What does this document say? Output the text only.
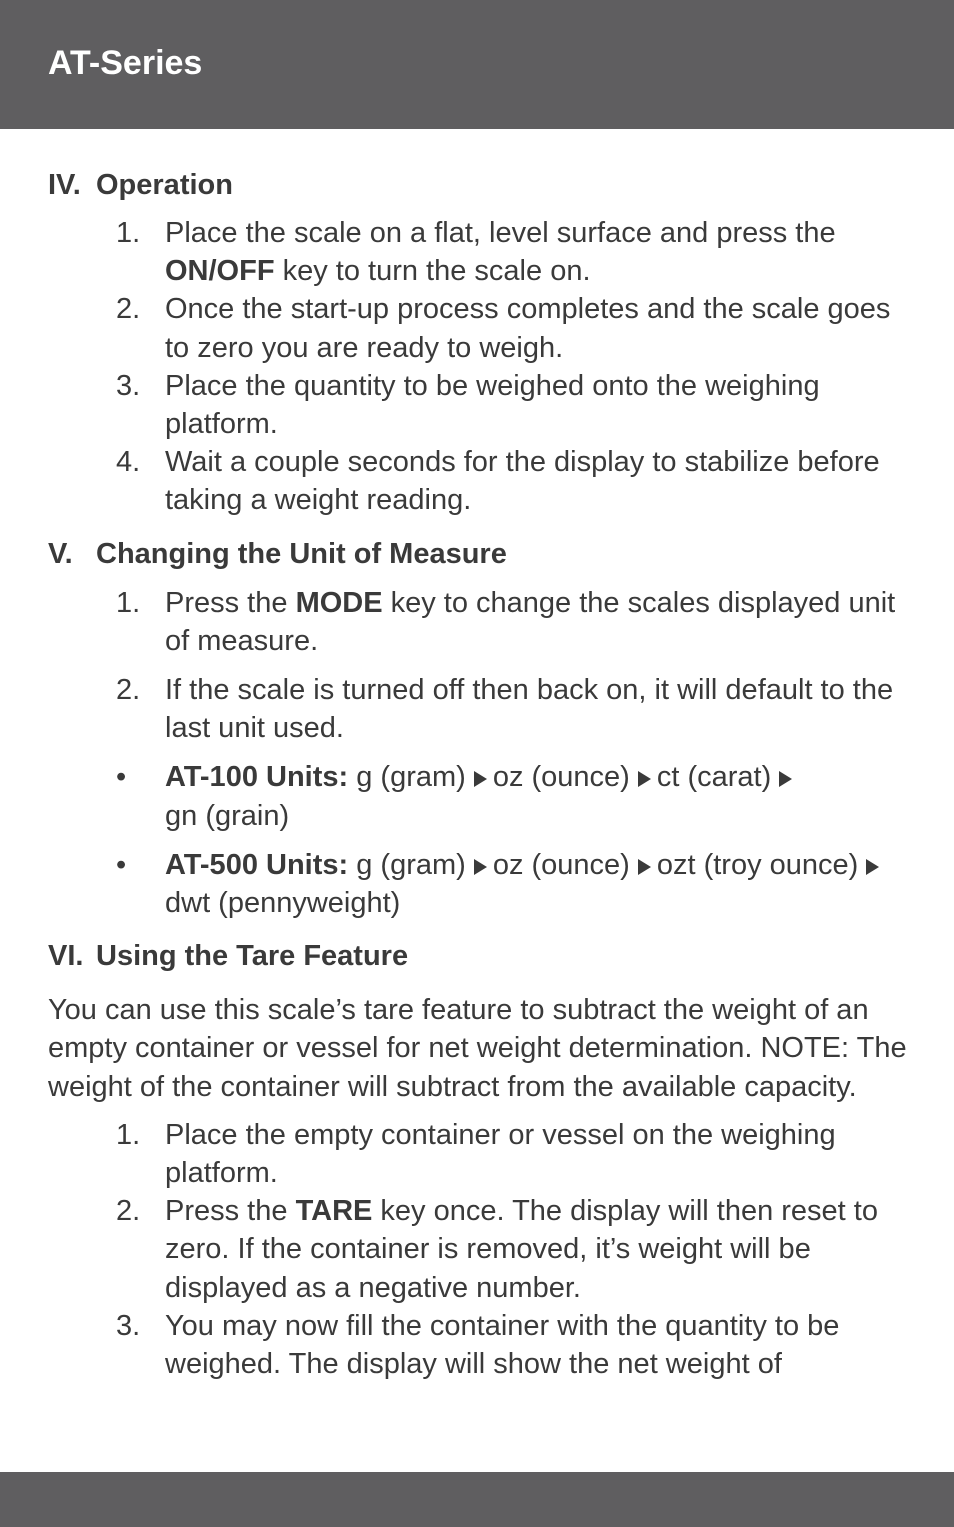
AT-Series
IV. Operation
1. Place the scale on a flat, level surface and press the ON/OFF key to turn the scale on.
2. Once the start-up process completes and the scale goes to zero you are ready to weigh.
3. Place the quantity to be weighed onto the weighing platform.
4. Wait a couple seconds for the display to stabilize before taking a weight reading.
V. Changing the Unit of Measure
1. Press the MODE key to change the scales displayed unit of measure.
2. If the scale is turned off then back on, it will default to the last unit used.
•	AT-100 Units: g (gram) oz (ounce) ct (carat)
gn (grain)
•	AT-500 Units: g (gram) oz (ounce) ozt (troy ounce)dwt (pennyweight)
VI. Using the Tare Feature

You can use this scale’s tare feature to subtract the weight of an empty container or vessel for net weight determination. NOTE: The weight of the container will subtract from the available capacity.

1. Place the empty container or vessel on the weighing platform.
2. Press the TARE key once. The display will then reset to zero. If the container is removed, it’s weight will be displayed as a negative number.
3. You may now fill the container with the quantity to be weighed. The display will show the net weight of
